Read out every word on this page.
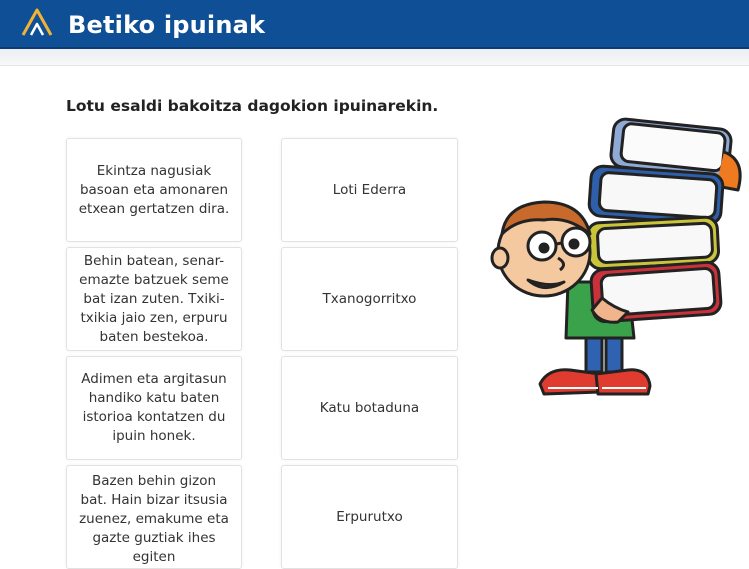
Betiko ipuinak
Lotu esaldi bakoitza dagokion ipuinarekin.
Ekintza nagusiak basoan eta amonaren etxean gertatzen dira.
Behin batean, senar-emazte batzuek seme bat izan zuten. Txiki-txikia jaio zen, erpuru baten bestekoa.
Adimen eta argitasun handiko katu baten istorioa kontatzen du ipuin honek.
Bazen behin gizon bat. Hain bizar itsusia zuenez, emakume eta gazte guztiak ihes egiten
Loti Ederra
Txanogorritxo
Katu botaduna
Erpurutxo
